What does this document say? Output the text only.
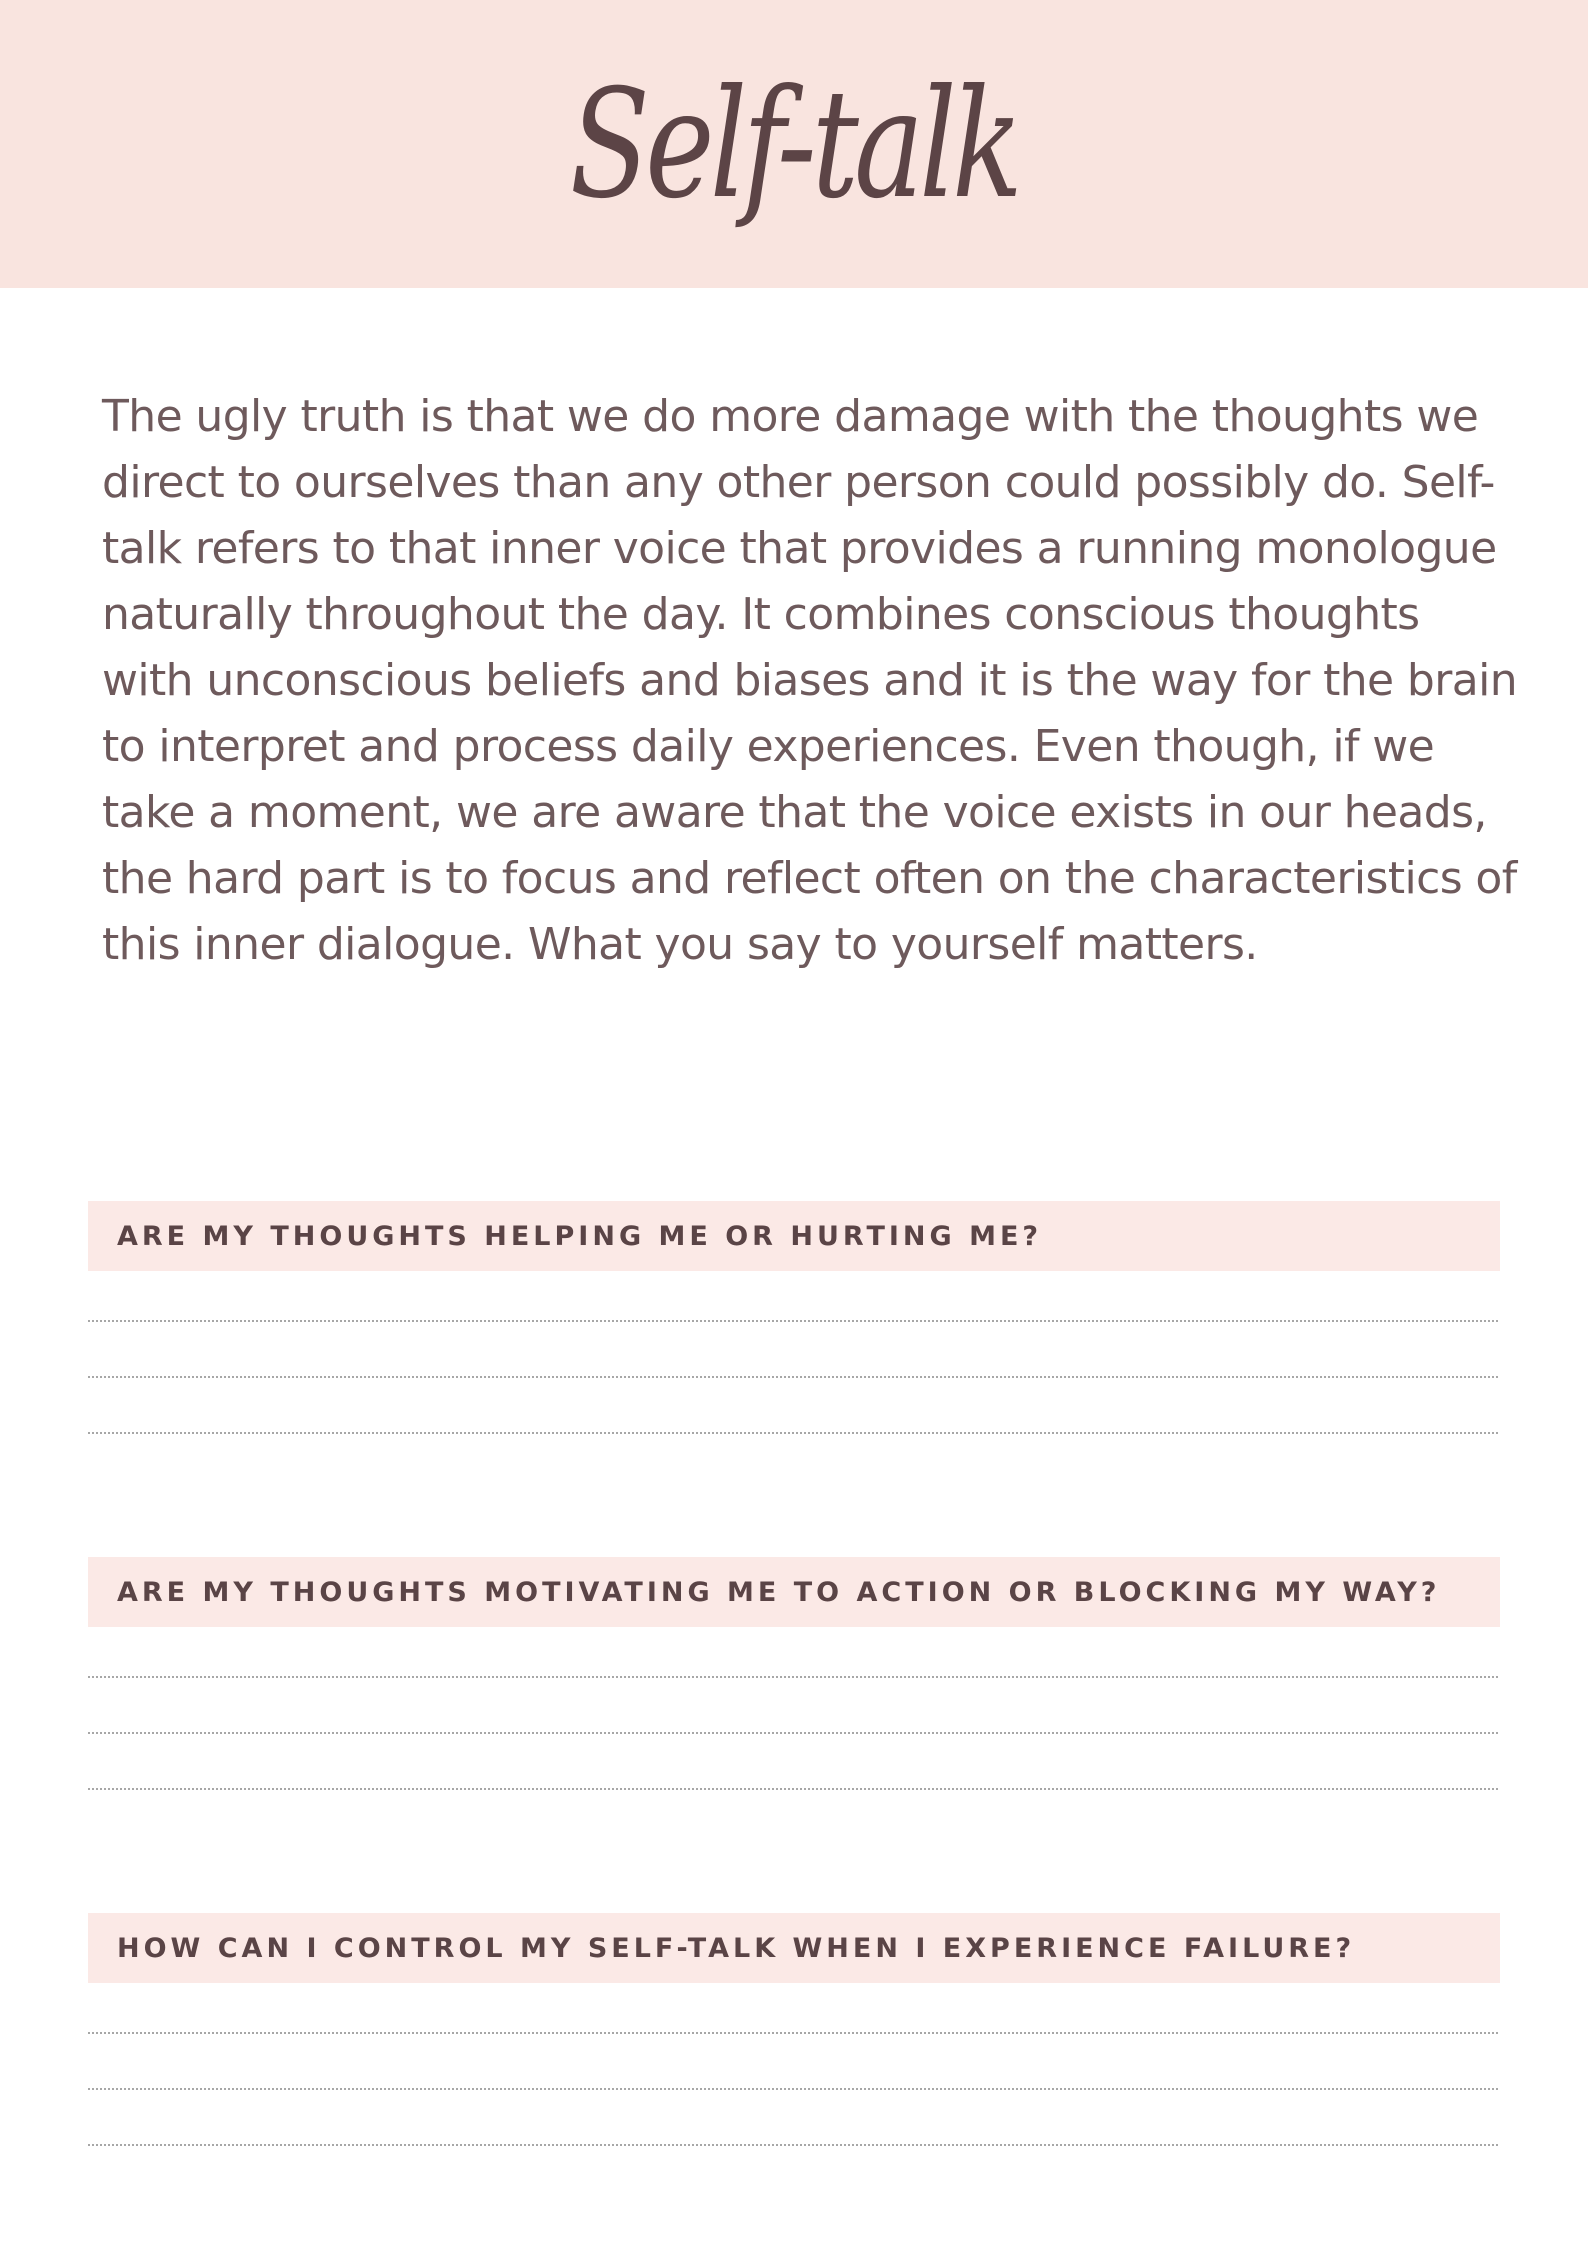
Self-talk

The ugly truth is that we do more damage with the thoughts we direct to ourselves than any other person could possibly do. Self-talk refers to that inner voice that provides a running monologue naturally throughout the day. It combines conscious thoughts with unconscious beliefs and biases and it is the way for the brain to interpret and process daily experiences. Even though, if we take a moment, we are aware that the voice exists in our heads, the hard part is to focus and reflect often on the characteristics of this inner dialogue. What you say to yourself matters.

ARE MY THOUGHTS HELPING ME OR HURTING ME?
ARE MY THOUGHTS MOTIVATING ME TO ACTION OR BLOCKING MY WAY?
HOW CAN I CONTROL MY SELF-TALK WHEN I EXPERIENCE FAILURE?
